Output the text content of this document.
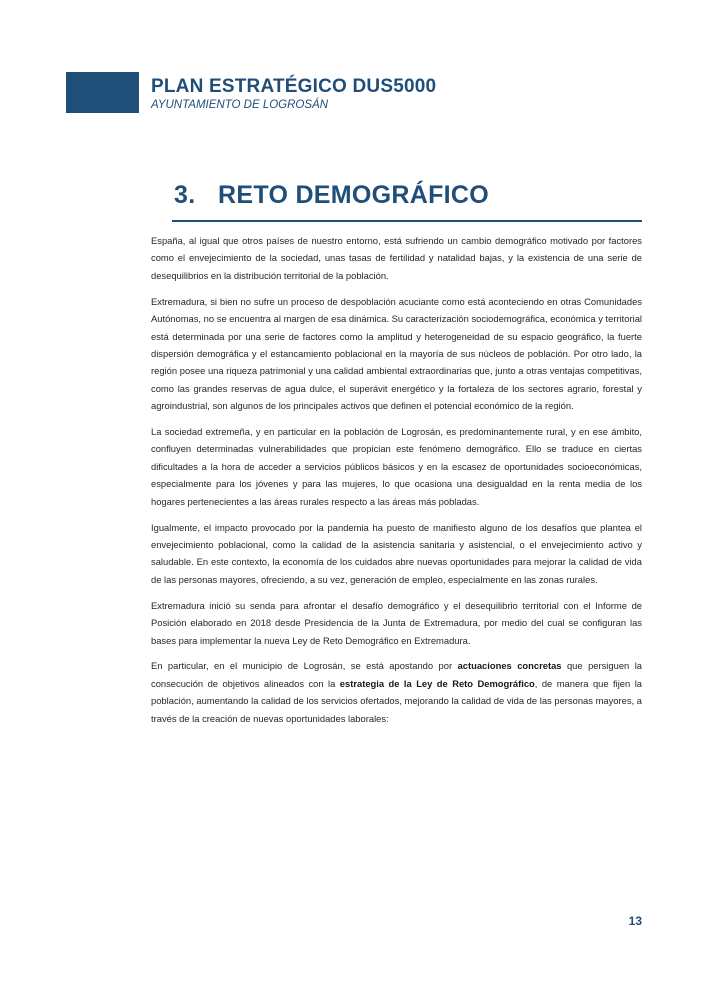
PLAN ESTRATÉGICO DUS5000
AYUNTAMIENTO DE LOGROSÁN
3. RETO DEMOGRÁFICO

España, al igual que otros países de nuestro entorno, está sufriendo un cambio demográfico motivado por factores como el envejecimiento de la sociedad, unas tasas de fertilidad y natalidad bajas, y la existencia de una serie de desequilibrios en la distribución territorial de la población.

Extremadura, si bien no sufre un proceso de despoblación acuciante como está aconteciendo en otras Comunidades Autónomas, no se encuentra al margen de esa dinámica. Su caracterización sociodemográfica, económica y territorial está determinada por una serie de factores como la amplitud y heterogeneidad de su espacio geográfico, la fuerte dispersión demográfica y el estancamiento poblacional en la mayoría de sus núcleos de población. Por otro lado, la región posee una riqueza patrimonial y una calidad ambiental extraordinarias que, junto a otras ventajas competitivas, como las grandes reservas de agua dulce, el superávit energético y la fortaleza de los sectores agrario, forestal y agroindustrial, son algunos de los principales activos que definen el potencial económico de la región.

La sociedad extremeña, y en particular en la población de Logrosán, es predominantemente rural, y en ese ámbito, confluyen determinadas vulnerabilidades que propician este fenómeno demográfico. Ello se traduce en ciertas dificultades a la hora de acceder a servicios públicos básicos y en la escasez de oportunidades socioeconómicas, especialmente para los jóvenes y para las mujeres, lo que ocasiona una desigualdad en la renta media de los hogares pertenecientes a las áreas rurales respecto a las áreas más pobladas.

Igualmente, el impacto provocado por la pandemia ha puesto de manifiesto alguno de los desafíos que plantea el envejecimiento poblacional, como la calidad de la asistencia sanitaria y asistencial, o el envejecimiento activo y saludable. En este contexto, la economía de los cuidados abre nuevas oportunidades para mejorar la calidad de vida de las personas mayores, ofreciendo, a su vez, generación de empleo, especialmente en las zonas rurales.

Extremadura inició su senda para afrontar el desafío demográfico y el desequilibrio territorial con el Informe de Posición elaborado en 2018 desde Presidencia de la Junta de Extremadura, por medio del cual se configuran las bases para implementar la nueva Ley de Reto Demográfico en Extremadura.

En particular, en el municipio de Logrosán, se está apostando por actuaciones concretas que persiguen la consecución de objetivos alineados con la estrategia de la Ley de Reto Demográfico, de manera que fijen la población, aumentando la calidad de los servicios ofertados, mejorando la calidad de vida de las personas mayores, a través de la creación de nuevas oportunidades laborales:

13
